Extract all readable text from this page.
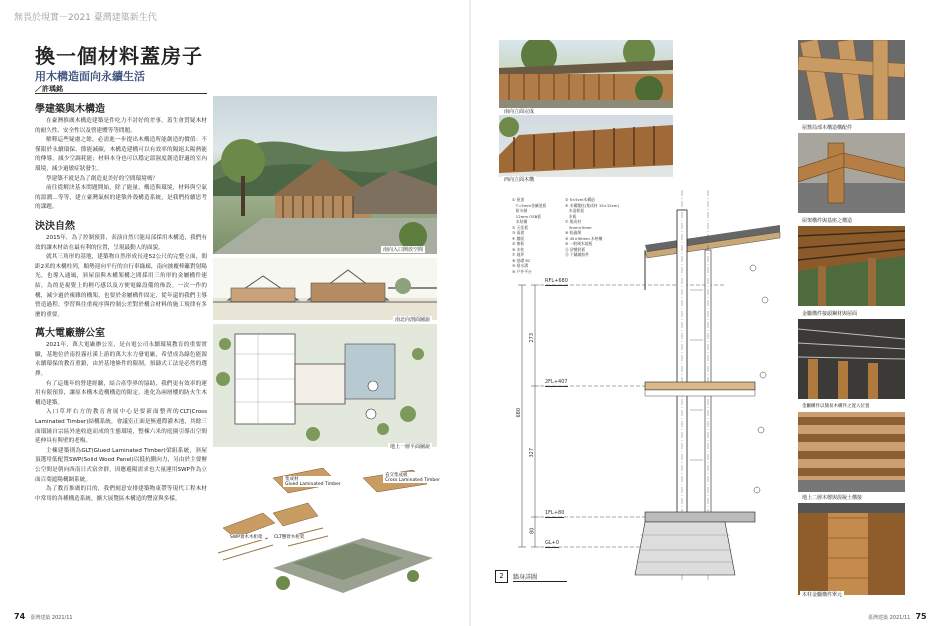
無畏於現實－2021 臺灣建築新生代
換一個材料蓋房子
用木構造面向永續生活
／許瑀銘
學建築與木構造
在臺灣推廣木構造建築是件吃力不討好的差事，蓋生會質疑木材的耐久性、安全性以及營建體等等問題。
解釋這些疑慮之餘，必需進一步提出木構造所能創造的價值：不僅限於永續環保、節能減碳，木構造建構可以有效率的隔絕太陽熱能的傳導，減少空調耗能；材料本身也可以穩定溫濕度創造舒適的室內環境，減少過敏症狀發生。
學建築不就是為了創造更美好的空間環境嗎？
前往從解決基本問題開始，除了能量、構造與環境，材料與空氣的溫潤…等等，建立臺灣氣候的建築外殼構造系統，是我們持續思考的課題。
決決自然
2015年，為了控制預算，表演自然只能局部採用木構造，我們有效的讓木材站在最有利的位置，呈現最動人的面貌。
就其三角形的基地，建築物自然形成長達52公尺的完整立面，間距2米的木構柱列，順勢迎向平行的自行車綠廊，南向披覆棒籬對射陽光，也導入通風，斜屋頂與木構架構之間採用三角形的金屬構件連結，為的是視覺上的輕巧感以及方便電線設備的佈設。一次一作的構，減少過於複雜的構架，也要於金屬構件固定，從年還的我們主導營造過程，學習與往重視序與控制公差對於構合材料的施工規律有多麼的重要。
萬大電廠辦公室
2021年，萬大電廠辦公室，是台電公司永續環境教育的重要實驗，基地位於南投霧社溪上游的萬大水力發電廠，希望成為綠色能源永續環保的教育重鎮，由於基地條件的限制，預鑄式工法是必然的選擇。
有了這幾年的營建經驗，結合產學界的協助，我們更有效率的運用有限預算，讓原本構木造構構造的限定，進化為兩層樓的防火生木構造建築。
入口草坪右方的教育會展中心是要新面整齊的CLT(Cross Laminated Timber)結構系統，會議室正面是無邊際灌木池，其餘三面環繞自宗區外池收進而成的生態環境，整棟六米的庭園引導出空間延伸具有與壁的老梅。
主棟建築則為GLT(Glued Laminated Timber)梁組系統，斜屋頂選用低配置SWP(Solid Wood Panel)以抵抗側向力，另由於主要辦公空間是朝向西南日式宿舍群，因應避陽需求也大量運用SWP作為立面百葉遮陽構網系統。
為了教育推廣的目的，我們刻意安排建築物東帶等現代工程木材中常用的各種構造系統，擴大展覽區木構造的豐富與多樣。
南向入口開放空間
南北向剖面圖說
地上一層平面圖說
集成材
Glued Laminated Timber
直交集成板
Cross Laminated Timber
SWP實木木桁架	CLT懸臂木桁架
74 臺灣建築 2021/11
南向立面完成
西向立面木構
① 屋頂
　T=5mm金屬浪板
　防水層
　12mm OSB板
　木結構
② 天花板
③ 雨遮
④ 牆面
⑤ 窗框
⑥ 木柱
⑦ 地坪
⑧ 基礎 RC
⑨ 排水溝
⑩ 戶外平台
⑤ 5×5cm木構造
⑥ 木構雙柱(集成材 15×15cm)
　木造框架
　木板
⑦ 集成材
　3mm×5mm
⑧ 防蟲劑
⑨ 45×90mm 木格柵
⑩ 一般硬木地板
⑪ 矽酸鈣板
⑫ 不鏽鋼扣件
RFL+680
2FL+407
1FL+80
GL+0
273
327
80
680
2	牆身詳圖
屋簷局部木構造構配件
屋架構件與基座之構造
金屬構件接頭鋼材與屋面
金屬構件以簡易木構件之置入位置
地上二層木樑與混凝土構接
木柱金屬構件單元
臺灣建築 2021/11 75
